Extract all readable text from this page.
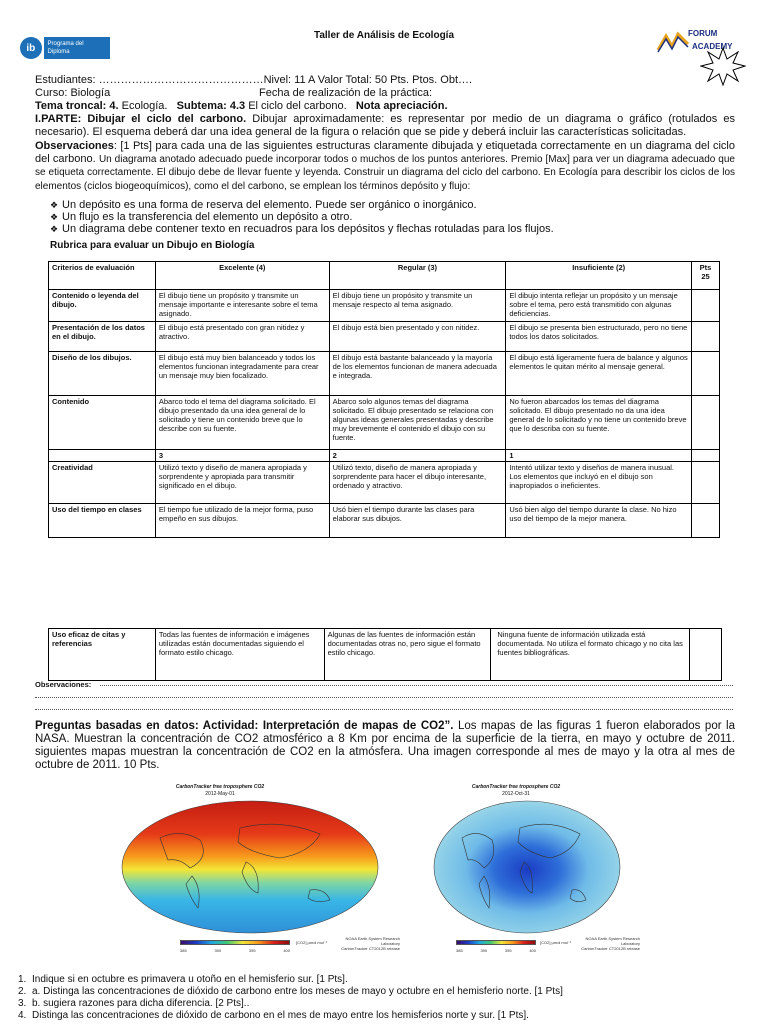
ib	Programa del Diploma
Taller de Análisis de Ecología	FORUM
ACADEMY
Estudiantes: ………………………………………Nivel: 11 A Valor Total: 50 Pts. Ptos. Obt….
Curso: Biología	Fecha de realización de la práctica:
Tema troncal: 4. Ecología. Subtema: 4.3 El ciclo del carbono. Nota apreciación.
I.PARTE: Dibujar el ciclo del carbono. Dibujar aproximadamente: es representar por medio de un diagrama o gráfico (rotulados es necesario). El esquema deberá dar una idea general de la figura o relación que se pide y deberá incluir las características solicitadas.
Observaciones: [1 Pts] para cada una de las siguientes estructuras claramente dibujada y etiquetada correctamente en un diagrama del ciclo del carbono. Un diagrama anotado adecuado puede incorporar todos o muchos de los puntos anteriores. Premio [Max] para ver un diagrama adecuado que se etiqueta correctamente. El dibujo debe de llevar fuente y leyenda. Construir un diagrama del ciclo del carbono. En Ecología para describir los ciclos de los elementos (ciclos biogeoquímicos), como el del carbono, se emplean los términos depósito y flujo:
❖ Un depósito es una forma de reserva del elemento. Puede ser orgánico o inorgánico.
❖ Un flujo es la transferencia del elemento un depósito a otro.
❖ Un diagrama debe contener texto en recuadros para los depósitos y flechas rotuladas para los flujos.
Rubrica para evaluar un Dibujo en Biología
Criterios de evaluación	Excelente (4)	Regular (3)	Insuficiente (2)	Pts 25
Contenido o leyenda del dibujo.	El dibujo tiene un propósito y transmite un mensaje importante e interesante sobre el tema asignado.	El dibujo tiene un propósito y transmite un mensaje respecto al tema asignado.	El dibujo intenta reflejar un propósito y un mensaje sobre el tema, pero está transmitido con algunas deficiencias.	
Presentación de los datos en el dibujo.	El dibujo está presentado con gran nitidez y atractivo.	El dibujo está bien presentado y con nitidez.	El dibujo se presenta bien estructurado, pero no tiene todos los datos solicitados.	
Diseño de los dibujos.	El dibujo está muy bien balanceado y todos los elementos funcionan integradamente para crear un mensaje muy bien focalizado.	El dibujo está bastante balanceado y la mayoría de los elementos funcionan de manera adecuada e integrada.	El dibujo está ligeramente fuera de balance y algunos elementos le quitan mérito al mensaje general.	
Contenido	Abarco todo el tema del diagrama solicitado. El dibujo presentado da una idea general de lo solicitado y tiene un contenido breve que lo describe con su fuente.	Abarco solo algunos temas del diagrama solicitado. El dibujo presentado se relaciona con algunas ideas generales presentadas y describe muy brevemente el contenido el dibujo con su fuente.	No fueron abarcados los temas del diagrama solicitado. El dibujo presentado no da una idea general de lo solicitado y no tiene un contenido breve que lo describa con su fuente.	
	3	2	1	
Creatividad	Utilizó texto y diseño de manera apropiada y sorprendente y apropiada para transmitir significado en el dibujo.	Utilizó texto, diseño de manera apropiada y sorprendente para hacer el dibujo interesante, ordenado y atractivo.	Intentó utilizar texto y diseños de manera inusual. Los elementos que incluyó en el dibujo son inapropiados o ineficientes.	
Uso del tiempo en clases	El tiempo fue utilizado de la mejor forma, puso empeño en sus dibujos.	Usó bien el tiempo durante las clases para elaborar sus dibujos.	Usó bien algo del tiempo durante la clase. No hizo uso del tiempo de la mejor manera.	
Uso eficaz de citas y referencias	Todas las fuentes de información e imágenes utilizadas están documentadas siguiendo el formato estilo chicago.	Algunas de las fuentes de información están documentadas otras no, pero sigue el formato estilo chicago.	Ninguna fuente de información utilizada está documentada. No utiliza el formato chicago y no cita las fuentes bibliográficas.	
Observaciones:
Preguntas basadas en datos: Actividad: Interpretación de mapas de CO2”. Los mapas de las figuras 1 fueron elaborados por la NASA. Muestran la concentración de CO2 atmosférico a 8 Km por encima de la superficie de la tierra, en mayo y octubre de 2011. siguientes mapas muestran la concentración de CO2 en la atmósfera. Una imagen corresponde al mes de mayo y la otra al mes de octubre de 2011. 10 Pts.
CarbonTracker free troposphere CO2
2012-May-01
385	390	395	400
[CO2] µmol mol⁻¹
NOAA Earth System Research Laboratory
CarbonTracker CT2012B release
CarbonTracker free troposphere CO2
2012-Oct-31
385	390	395	400
[CO2] µmol mol⁻¹
NOAA Earth System Research Laboratory
CarbonTracker CT2012B release
1. Indique si en octubre es primavera u otoño en el hemisferio sur. [1 Pts].
2. a. Distinga las concentraciones de dióxido de carbono entre los meses de mayo y octubre en el hemisferio norte. [1 Pts]
3. b. sugiera razones para dicha diferencia. [2 Pts]..
4. Distinga las concentraciones de dióxido de carbono en el mes de mayo entre los hemisferios norte y sur. [1 Pts].
